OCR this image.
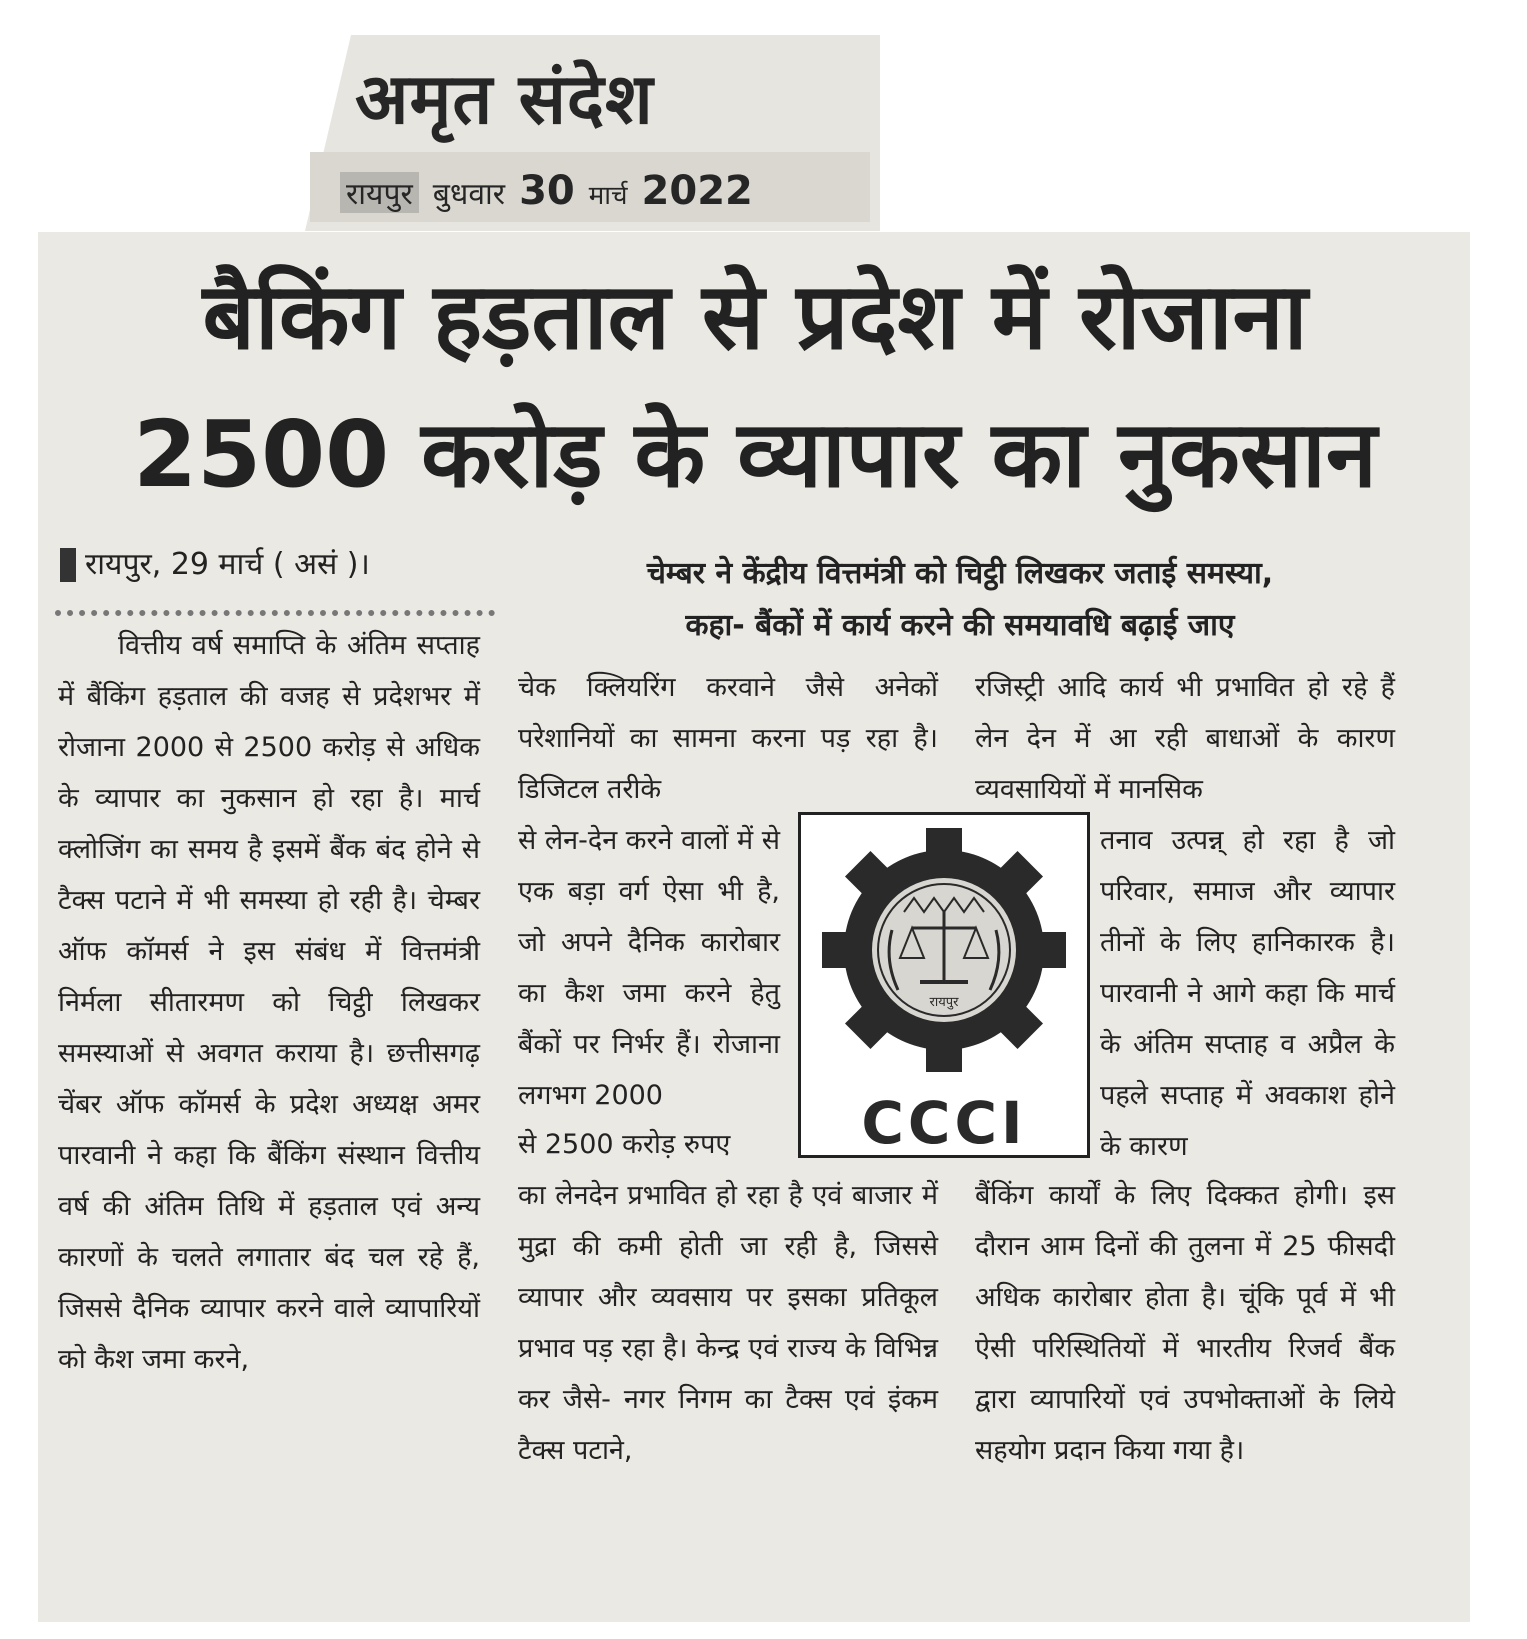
अमृत संदेश
रायपुर बुधवार 30 मार्च 2022
बैकिंग हड़ताल से प्रदेश में रोजाना
2500 करोड़ के व्यापार का नुकसान
रायपुर, 29 मार्च ( असं )।	चेम्बर ने केंद्रीय वित्तमंत्री को चिट्ठी लिखकर जताई समस्या,
कहा- बैंकों में कार्य करने की समयावधि बढ़ाई जाए
वित्तीय वर्ष समाप्ति के अंतिम सप्ताह में बैंकिंग हड़ताल की वजह से प्रदेशभर में रोजाना 2000 से 2500 करोड़ से अधिक के व्यापार का नुकसान हो रहा है। मार्च क्लोजिंग का समय है इसमें बैंक बंद होने से टैक्स पटाने में भी समस्या हो रही है। चेम्बर ऑफ कॉमर्स ने इस संबंध में वित्तमंत्री निर्मला सीतारमण को चिट्ठी लिखकर समस्याओं से अवगत कराया है। छत्तीसगढ़ चेंबर ऑफ कॉमर्स के प्रदेश अध्यक्ष अमर पारवानी ने कहा कि बैंकिंग संस्थान वित्तीय वर्ष की अंतिम तिथि में हड़ताल एवं अन्य कारणों के चलते लगातार बंद चल रहे हैं, जिससे दैनिक व्यापार करने वाले व्यापारियों को कैश जमा करने,
चेक क्लियरिंग करवाने जैसे अनेकों परेशानियों का सामना करना पड़ रहा है। डिजिटल तरीके
से लेन-देन करने वालों में से एक बड़ा वर्ग ऐसा भी है, जो अपने दैनिक कारोबार का कैश जमा करने हेतु बैंकों पर निर्भर हैं। रोजाना लगभग 2000
से 2500 करोड़ रुपए
का लेनदेन प्रभावित हो रहा है एवं बाजार में मुद्रा की कमी होती जा रही है, जिससे व्यापार और व्यवसाय पर इसका प्रतिकूल प्रभाव पड़ रहा है। केन्द्र एवं राज्य के विभिन्न कर जैसे- नगर निगम का टैक्स एवं इंकम टैक्स पटाने,
रजिस्ट्री आदि कार्य भी प्रभावित हो रहे हैं लेन देन में आ रही बाधाओं के कारण व्यवसायियों में मानसिक
तनाव उत्पन्न् हो रहा है जो परिवार, समाज और व्यापार तीनों के लिए हानिकारक है। पारवानी ने आगे कहा कि मार्च के अंतिम सप्ताह व अप्रैल के पहले सप्ताह में अवकाश होने के कारण
बैंकिंग कार्यों के लिए दिक्कत होगी। इस दौरान आम दिनों की तुलना में 25 फीसदी अधिक कारोबार होता है। चूंकि पूर्व में भी ऐसी परिस्थितियों में भारतीय रिजर्व बैंक द्वारा व्यापारियों एवं उपभोक्ताओं के लिये सहयोग प्रदान किया गया है।
रायपुर
CCCI
